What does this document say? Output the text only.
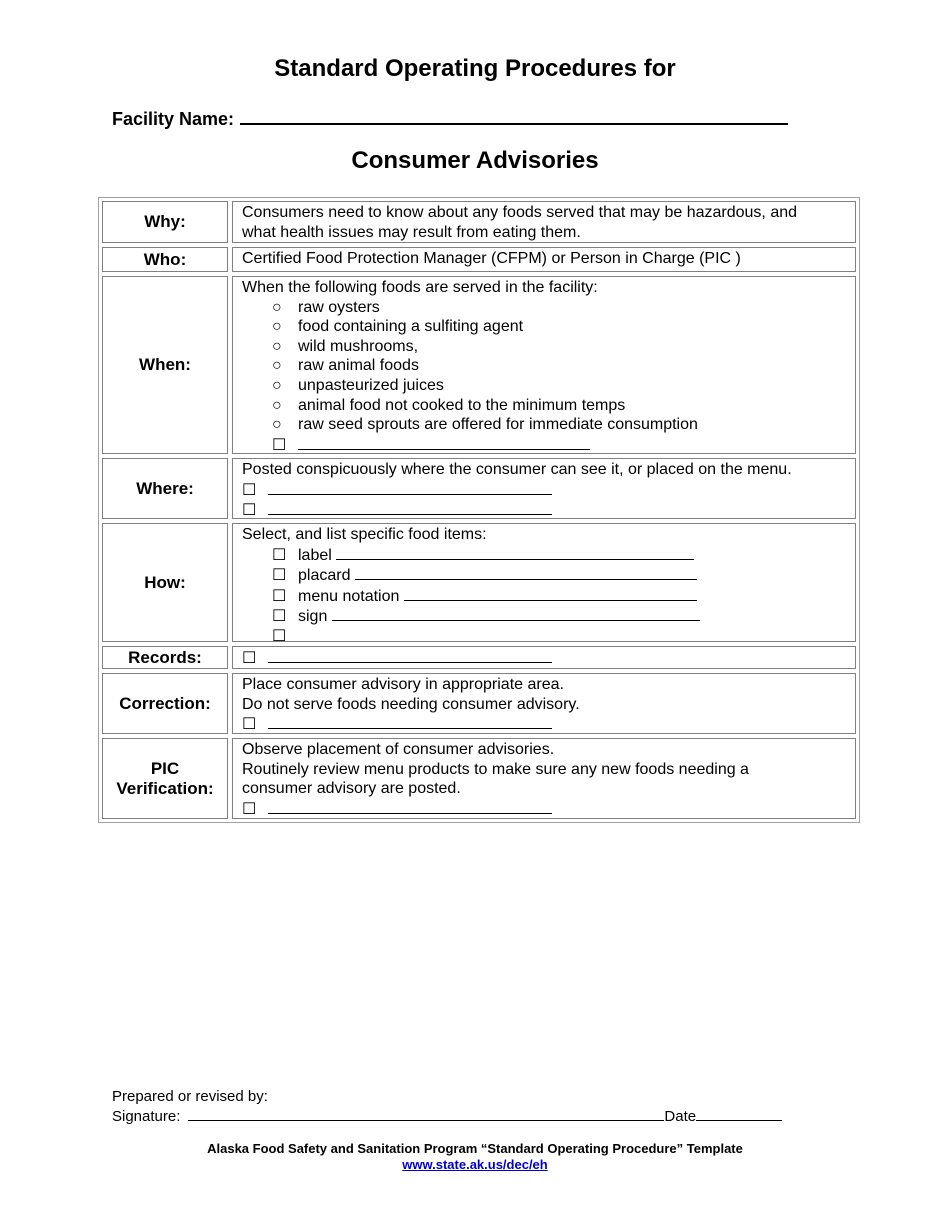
Standard Operating Procedures for
Facility Name:
Consumer Advisories
Why:	Consumers need to know about any foods served that may be hazardous, and
what health issues may result from eating them.
Who:	Certified Food Protection Manager (CFPM) or Person in Charge (PIC )
When:
When the following foods are served in the facility:
○ raw oysters
○ food containing a sulfiting agent
○ wild mushrooms,
○ raw animal foods
○ unpasteurized juices
○ animal food not cooked to the minimum temps
○ raw seed sprouts are offered for immediate consumption
☐
Where:
Posted conspicuously where the consumer can see it, or placed on the menu.
☐
☐
How:
Select, and list specific food items:
☐ label
☐ placard
☐ menu notation
☐ sign
☐
Records:	☐
Correction:
Place consumer advisory in appropriate area.
Do not serve foods needing consumer advisory.
☐
PIC
Verification:
Observe placement of consumer advisories.
Routinely review menu products to make sure any new foods needing a
consumer advisory are posted.
☐
Prepared or revised by:
Signature:	Date
Alaska Food Safety and Sanitation Program “Standard Operating Procedure” Template
www.state.ak.us/dec/eh
